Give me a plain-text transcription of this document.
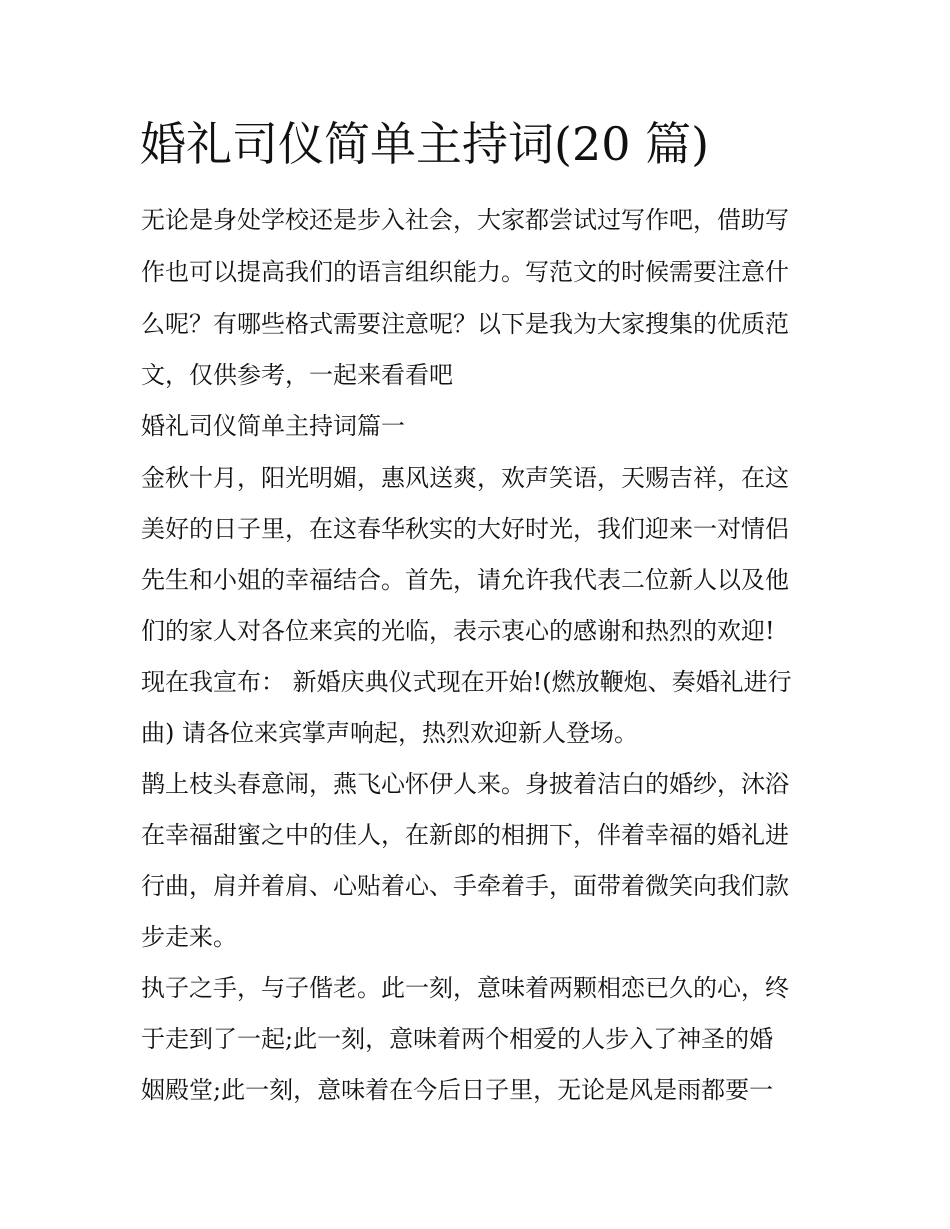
婚礼司仪简单主持词(20 篇)

无论是身处学校还是步入社会，大家都尝试过写作吧，借助写

作也可以提高我们的语言组织能力。写范文的时候需要注意什

么呢？有哪些格式需要注意呢？以下是我为大家搜集的优质范

文，仅供参考，一起来看看吧

婚礼司仪简单主持词篇一

金秋十月，阳光明媚，惠风送爽，欢声笑语，天赐吉祥，在这

美好的日子里，在这春华秋实的大好时光，我们迎来一对情侣

先生和小姐的幸福结合。首先，请允许我代表二位新人以及他

们的家人对各位来宾的光临，表示衷心的感谢和热烈的欢迎!

现在我宣布： 新婚庆典仪式现在开始!(燃放鞭炮、奏婚礼进行

曲) 请各位来宾掌声响起，热烈欢迎新人登场。

鹊上枝头春意闹，燕飞心怀伊人来。身披着洁白的婚纱，沐浴

在幸福甜蜜之中的佳人，在新郎的相拥下，伴着幸福的婚礼进

行曲，肩并着肩、心贴着心、手牵着手，面带着微笑向我们款

步走来。

执子之手，与子偕老。此一刻，意味着两颗相恋已久的心，终

于走到了一起;此一刻，意味着两个相爱的人步入了神圣的婚

姻殿堂;此一刻，意味着在今后日子里，无论是风是雨都要一
